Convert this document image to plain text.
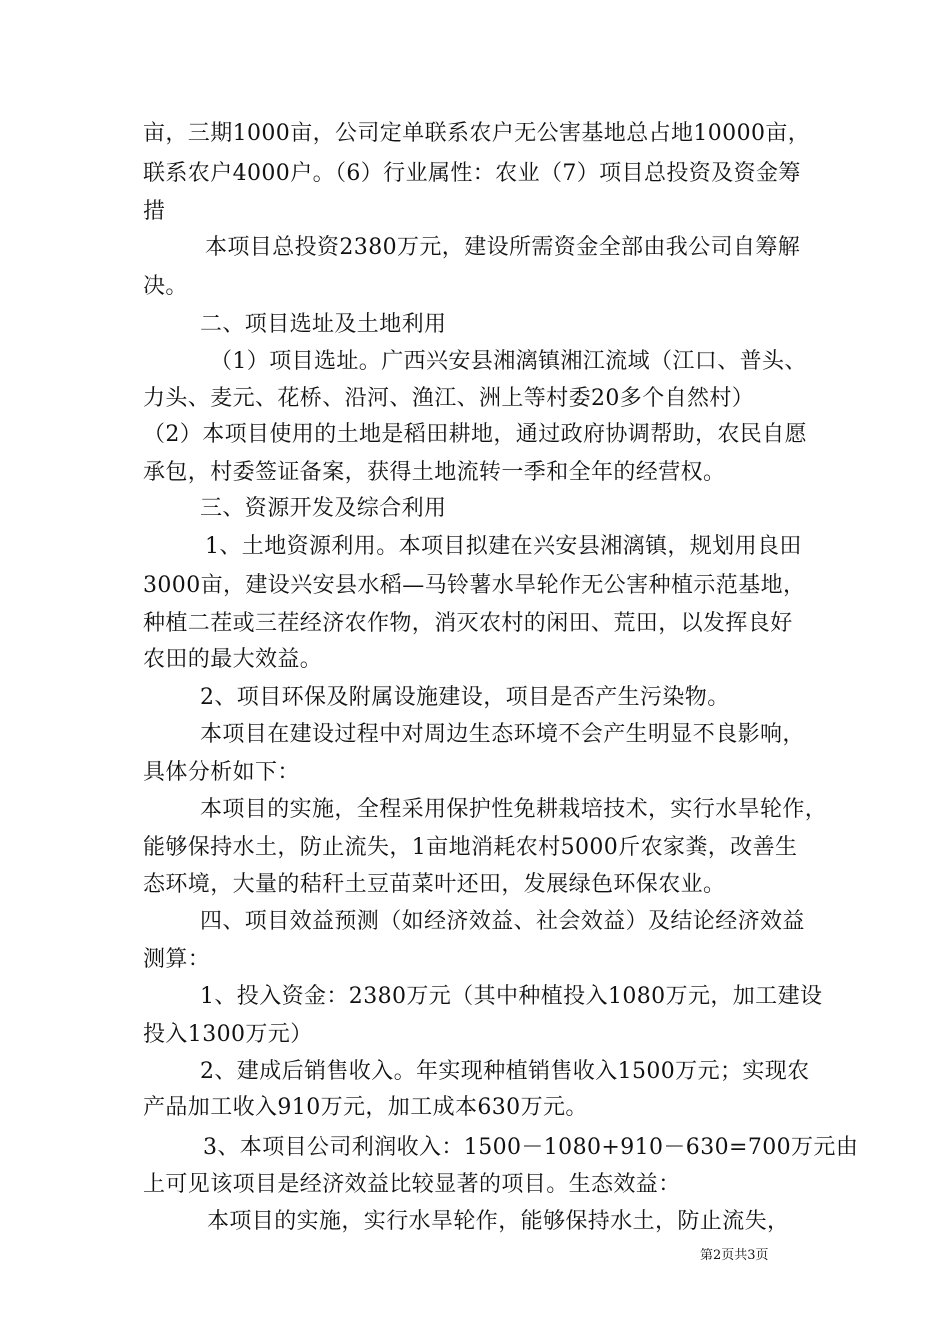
亩，三期1000亩，公司定单联系农户无公害基地总占地10000亩，
联系农户4000户。（6）行业属性：农业（7）项目总投资及资金筹
措
本项目总投资2380万元，建设所需资金全部由我公司自筹解
决。
二、项目选址及土地利用
（1）项目选址。广西兴安县湘漓镇湘江流域（江口、普头、
力头、麦元、花桥、沿河、渔江、洲上等村委20多个自然村）
（2）本项目使用的土地是稻田耕地，通过政府协调帮助，农民自愿
承包，村委签证备案，获得土地流转一季和全年的经营权。
三、资源开发及综合利用
1、土地资源利用。本项目拟建在兴安县湘漓镇，规划用良田
3000亩，建设兴安县水稻—马铃薯水旱轮作无公害种植示范基地，
种植二茬或三茬经济农作物，消灭农村的闲田、荒田，以发挥良好
农田的最大效益。
2、项目环保及附属设施建设，项目是否产生污染物。
本项目在建设过程中对周边生态环境不会产生明显不良影响，
具体分析如下：
本项目的实施，全程采用保护性免耕栽培技术，实行水旱轮作，
能够保持水土，防止流失，1亩地消耗农村5000斤农家粪，改善生
态环境，大量的秸秆土豆苗菜叶还田，发展绿色环保农业。
四、项目效益预测（如经济效益、社会效益）及结论经济效益
测算：
1、投入资金：2380万元（其中种植投入1080万元，加工建设
投入1300万元）
2、建成后销售收入。年实现种植销售收入1500万元；实现农
产品加工收入910万元，加工成本630万元。
3、本项目公司利润收入：1500－1080+910－630=700万元由
上可见该项目是经济效益比较显著的项目。生态效益：
本项目的实施，实行水旱轮作，能够保持水土，防止流失，
第2页共3页
